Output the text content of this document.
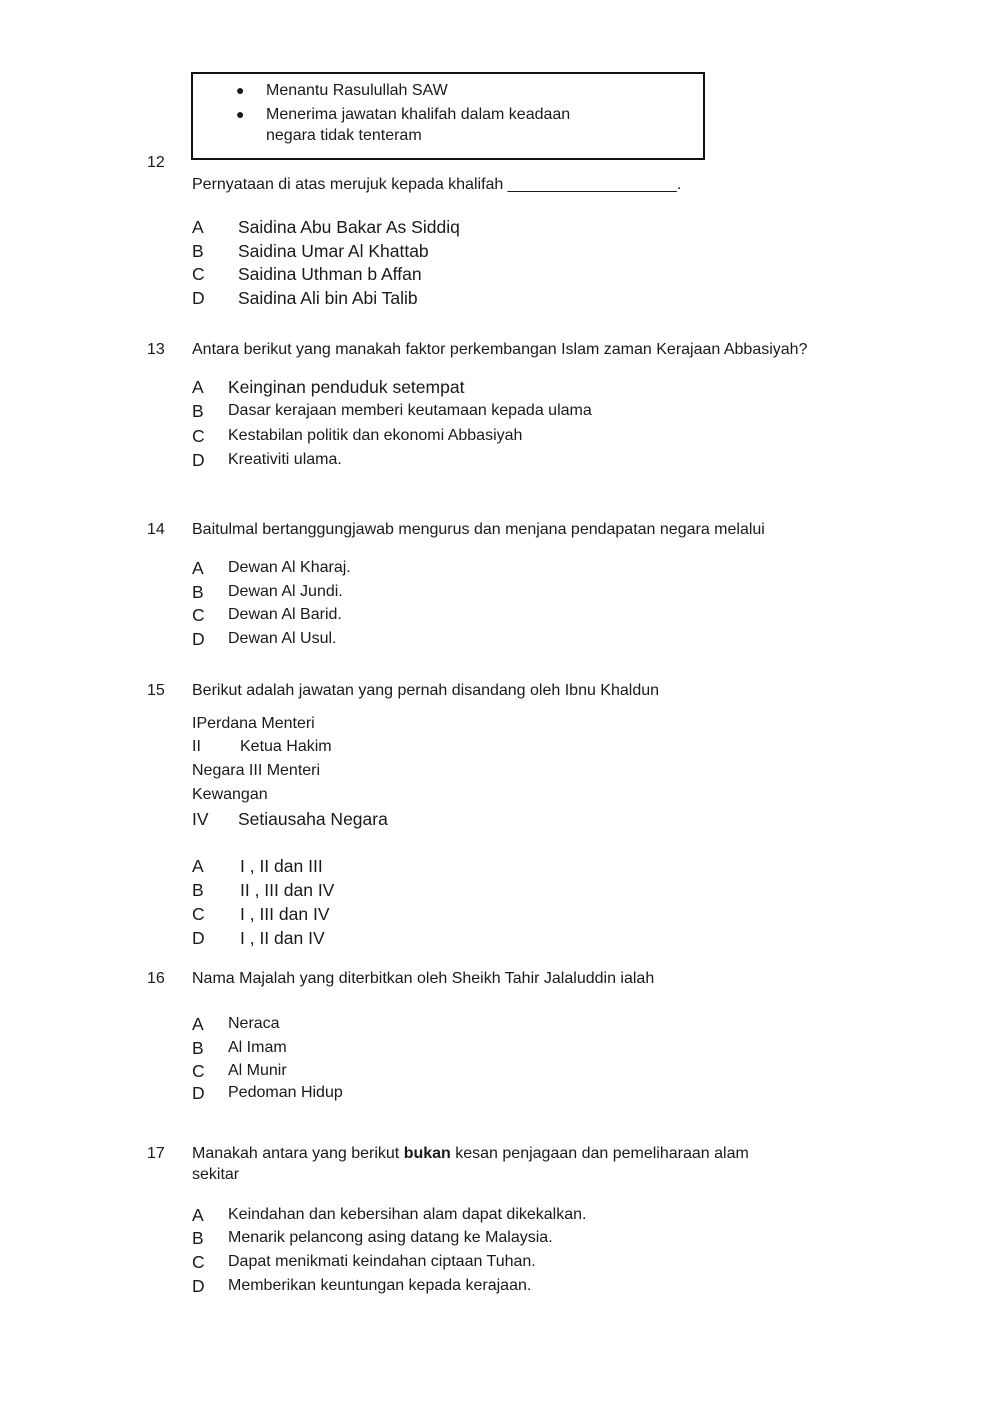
● Menantu Rasulullah SAW
● Menerima jawatan khalifah dalam keadaan
negara tidak tenteram
12
Pernyataan di atas merujuk kepada khalifah ___________________.
A Saidina Abu Bakar As Siddiq
B Saidina Umar Al Khattab
C Saidina Uthman b Affan
D Saidina Ali bin Abi Talib
13 Antara berikut yang manakah faktor perkembangan Islam zaman Kerajaan Abbasiyah?
A Keinginan penduduk setempat
B Dasar kerajaan memberi keutamaan kepada ulama
C Kestabilan politik dan ekonomi Abbasiyah
D Kreativiti ulama.
14 Baitulmal bertanggungjawab mengurus dan menjana pendapatan negara melalui
A Dewan Al Kharaj.
B Dewan Al Jundi.
C Dewan Al Barid.
D Dewan Al Usul.
15 Berikut adalah jawatan yang pernah disandang oleh Ibnu Khaldun
IPerdana Menteri
II Ketua Hakim
Negara III Menteri
Kewangan
IV Setiausaha Negara
A I , II dan III
B II , III dan IV
C I , III dan IV
D I , II dan IV
16 Nama Majalah yang diterbitkan oleh Sheikh Tahir Jalaluddin ialah
A Neraca
B Al Imam
C Al Munir
D Pedoman Hidup
17 Manakah antara yang berikut bukan kesan penjagaan dan pemeliharaan alam
sekitar
A Keindahan dan kebersihan alam dapat dikekalkan.
B Menarik pelancong asing datang ke Malaysia.
C Dapat menikmati keindahan ciptaan Tuhan.
D Memberikan keuntungan kepada kerajaan.
